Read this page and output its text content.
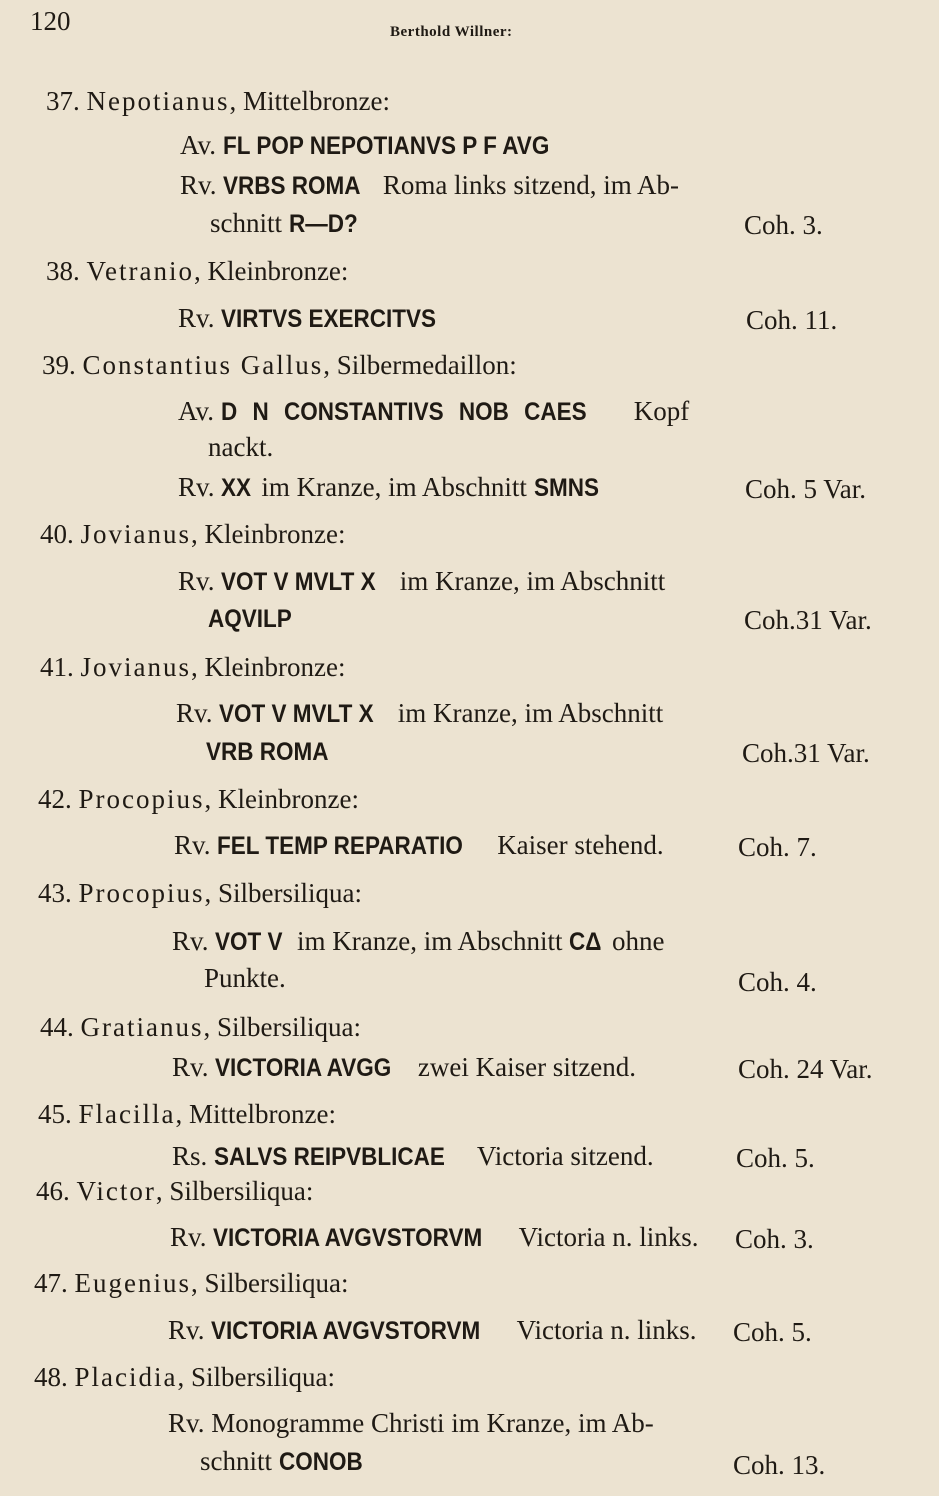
120	Berthold Willner:
37. Nepotianus, Mittelbronze:
Av. FL POP NEPOTIANVS P F AVG
Rv. VRBS ROMA Roma links sitzend, im Ab-
schnitt R—D?	Coh. 3.
38. Vetranio, Kleinbronze:
Rv. VIRTVS EXERCITVS	Coh. 11.
39. Constantius Gallus, Silbermedaillon:
Av. D N CONSTANTIVS NOB CAES Kopf
nackt.
Rv. XX im Kranze, im Abschnitt SMNS	Coh. 5 Var.
40. Jovianus, Kleinbronze:
Rv. VOT V MVLT X im Kranze, im Abschnitt
AQVILP	Coh.31 Var.
41. Jovianus, Kleinbronze:
Rv. VOT V MVLT X im Kranze, im Abschnitt
VRB ROMA	Coh.31 Var.
42. Procopius, Kleinbronze:
Rv. FEL TEMP REPARATIO Kaiser stehend.	Coh. 7.
43. Procopius, Silbersiliqua:
Rv. VOT V im Kranze, im Abschnitt CΔ ohne
Punkte.	Coh. 4.
44. Gratianus, Silbersiliqua:
Rv. VICTORIA AVGG zwei Kaiser sitzend.	Coh. 24 Var.
45. Flacilla, Mittelbronze:
Rs. SALVS REIPVBLICAE Victoria sitzend.	Coh. 5.
46. Victor, Silbersiliqua:
Rv. VICTORIA AVGVSTORVM Victoria n. links. Coh. 3.
47. Eugenius, Silbersiliqua:
Rv. VICTORIA AVGVSTORVM Victoria n. links. Coh. 5.
48. Placidia, Silbersiliqua:
Rv. Monogramme Christi im Kranze, im Ab-
schnitt CONOB	Coh. 13.
